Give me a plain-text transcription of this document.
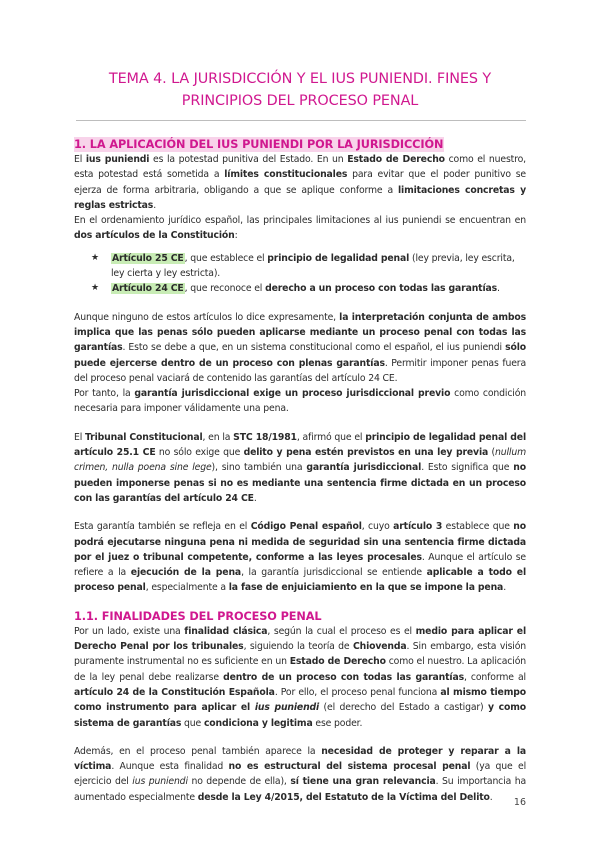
TEMA 4. LA JURISDICCIÓN Y EL IUS PUNIENDI. FINES Y PRINCIPIOS DEL PROCESO PENAL
1. LA APLICACIÓN DEL IUS PUNIENDI POR LA JURISDICCIÓN

El ius puniendi es la potestad punitiva del Estado. En un Estado de Derecho como el nuestro, esta potestad está sometida a límites constitucionales para evitar que el poder punitivo se ejerza de forma arbitraria, obligando a que se aplique conforme a limitaciones concretas y reglas estrictas.

En el ordenamiento jurídico español, las principales limitaciones al ius puniendi se encuentran en dos artículos de la Constitución:

★ Artículo 25 CE, que establece el principio de legalidad penal (ley previa, ley escrita, ley cierta y ley estricta).
★ Artículo 24 CE, que reconoce el derecho a un proceso con todas las garantías.

Aunque ninguno de estos artículos lo dice expresamente, la interpretación conjunta de ambos implica que las penas sólo pueden aplicarse mediante un proceso penal con todas las garantías. Esto se debe a que, en un sistema constitucional como el español, el ius puniendi sólo puede ejercerse dentro de un proceso con plenas garantías. Permitir imponer penas fuera del proceso penal vaciará de contenido las garantías del artículo 24 CE.

Por tanto, la garantía jurisdiccional exige un proceso jurisdiccional previo como condición necesaria para imponer válidamente una pena.

El Tribunal Constitucional, en la STC 18/1981, afirmó que el principio de legalidad penal del artículo 25.1 CE no sólo exige que delito y pena estén previstos en una ley previa (nullum crimen, nulla poena sine lege), sino también una garantía jurisdiccional. Esto significa que no pueden imponerse penas si no es mediante una sentencia firme dictada en un proceso con las garantías del artículo 24 CE.

Esta garantía también se refleja en el Código Penal español, cuyo artículo 3 establece que no podrá ejecutarse ninguna pena ni medida de seguridad sin una sentencia firme dictada por el juez o tribunal competente, conforme a las leyes procesales. Aunque el artículo se refiere a la ejecución de la pena, la garantía jurisdiccional se entiende aplicable a todo el proceso penal, especialmente a la fase de enjuiciamiento en la que se impone la pena.

1.1. FINALIDADES DEL PROCESO PENAL

Por un lado, existe una finalidad clásica, según la cual el proceso es el medio para aplicar el Derecho Penal por los tribunales, siguiendo la teoría de Chiovenda. Sin embargo, esta visión puramente instrumental no es suficiente en un Estado de Derecho como el nuestro. La aplicación de la ley penal debe realizarse dentro de un proceso con todas las garantías, conforme al artículo 24 de la Constitución Española. Por ello, el proceso penal funciona al mismo tiempo como instrumento para aplicar el ius puniendi (el derecho del Estado a castigar) y como sistema de garantías que condiciona y legitima ese poder.

Además, en el proceso penal también aparece la necesidad de proteger y reparar a la víctima. Aunque esta finalidad no es estructural del sistema procesal penal (ya que el ejercicio del ius puniendi no depende de ella), sí tiene una gran relevancia. Su importancia ha aumentado especialmente desde la Ley 4/2015, del Estatuto de la Víctima del Delito.	16
